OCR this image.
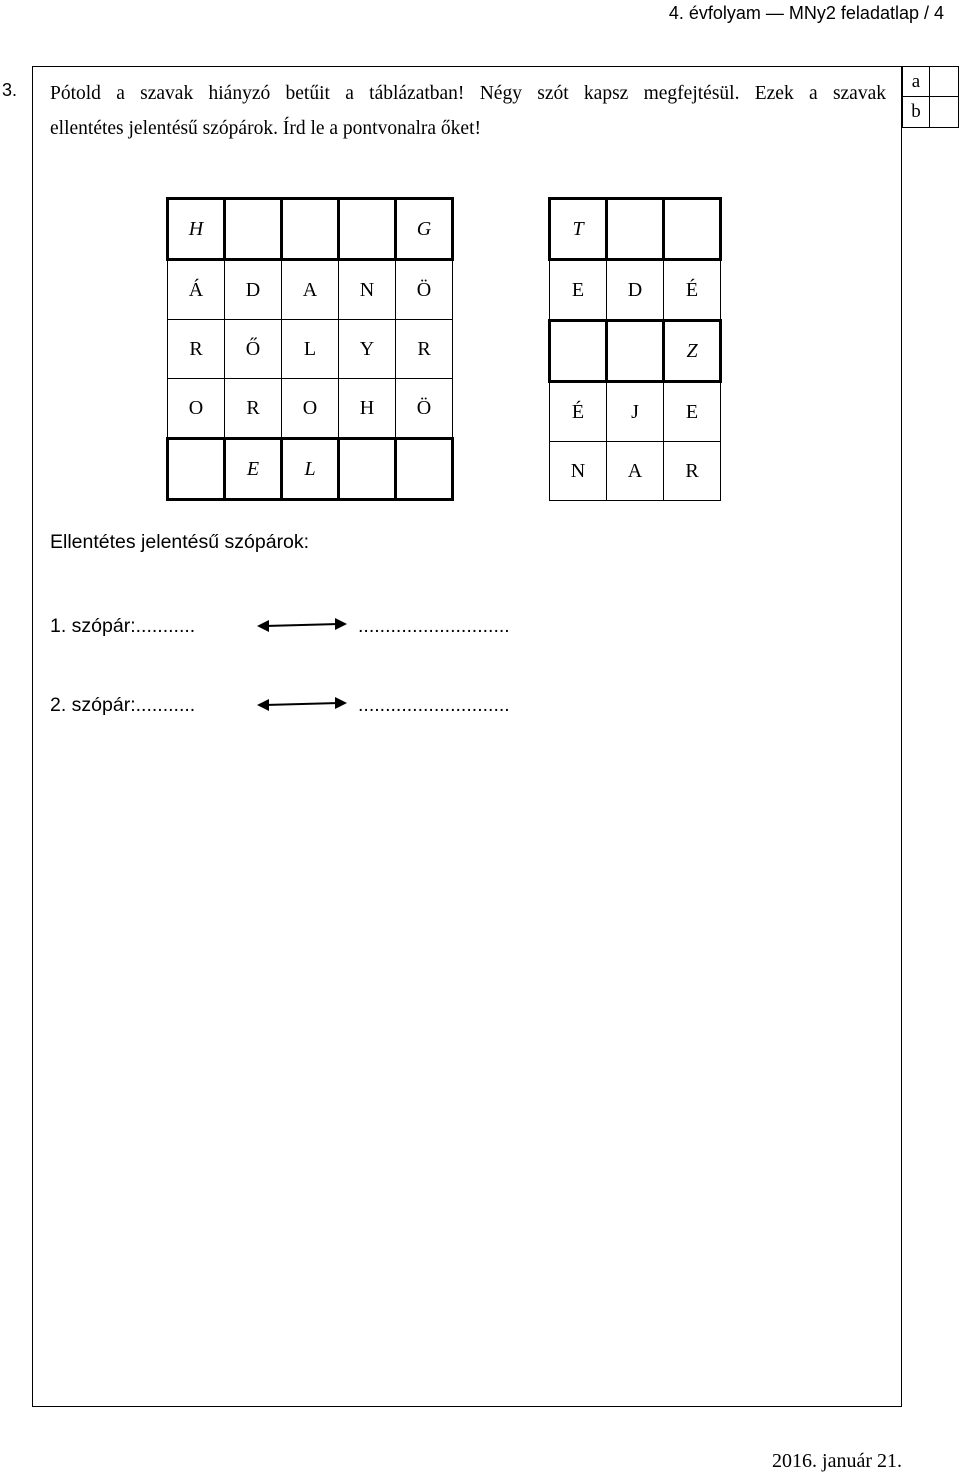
4. évfolyam — MNy2 feladatlap / 4
3.	Pótold a szavak hiányzó betűit a táblázatban! Négy szót kapsz megfejtésül. Ezek a szavak
ellentétes jelentésű szópárok. Írd le a pontvonalra őket!
a
b
H				G
Á	D	A	N	Ö
R	Ő	L	Y	R
O	R	O	H	Ö
	E	L		
T		
E	D	É
		Z
É	J	E
N	A	R
Ellentétes jelentésű szópárok:
1. szópár:...........	............................
2. szópár:...........	............................
2016. január 21.
